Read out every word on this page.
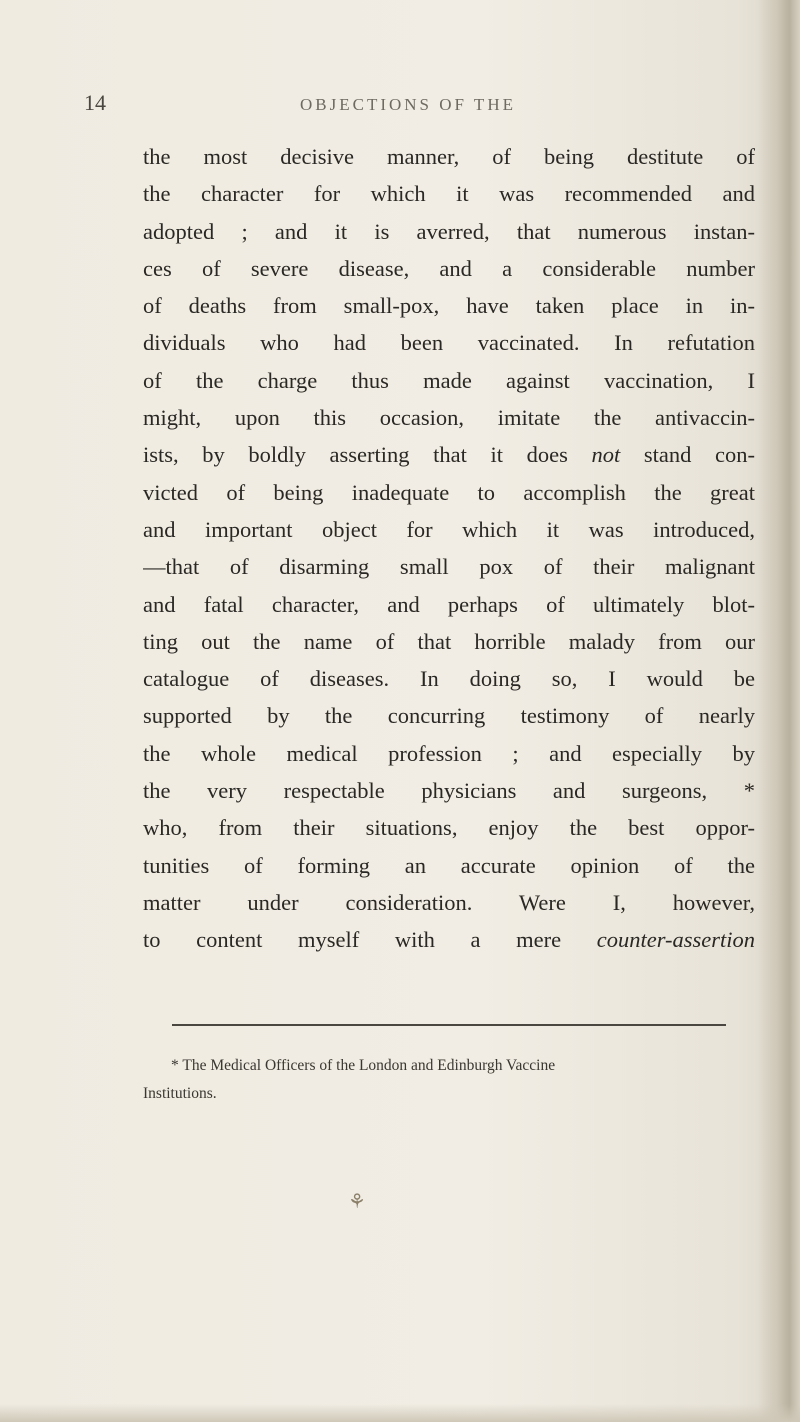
14	OBJECTIONS OF THE
the most decisive manner, of being destitute of
the character for which it was recommended and
adopted ; and it is averred, that numerous instan-
ces of severe disease, and a considerable number
of deaths from small-pox, have taken place in in-
dividuals who had been vaccinated. In refutation
of the charge thus made against vaccination, I
might, upon this occasion, imitate the antivaccin-
ists, by boldly asserting that it does not stand con-
victed of being inadequate to accomplish the great
and important object for which it was introduced,
—that of disarming small pox of their malignant
and fatal character, and perhaps of ultimately blot-
ting out the name of that horrible malady from our
catalogue of diseases. In doing so, I would be
supported by the concurring testimony of nearly
the whole medical profession ; and especially by
the very respectable physicians and surgeons, *
who, from their situations, enjoy the best oppor-
tunities of forming an accurate opinion of the
matter under consideration. Were I, however,
to content myself with a mere counter-assertion
* The Medical Officers of the London and Edinburgh Vaccine
Institutions.
⚘
